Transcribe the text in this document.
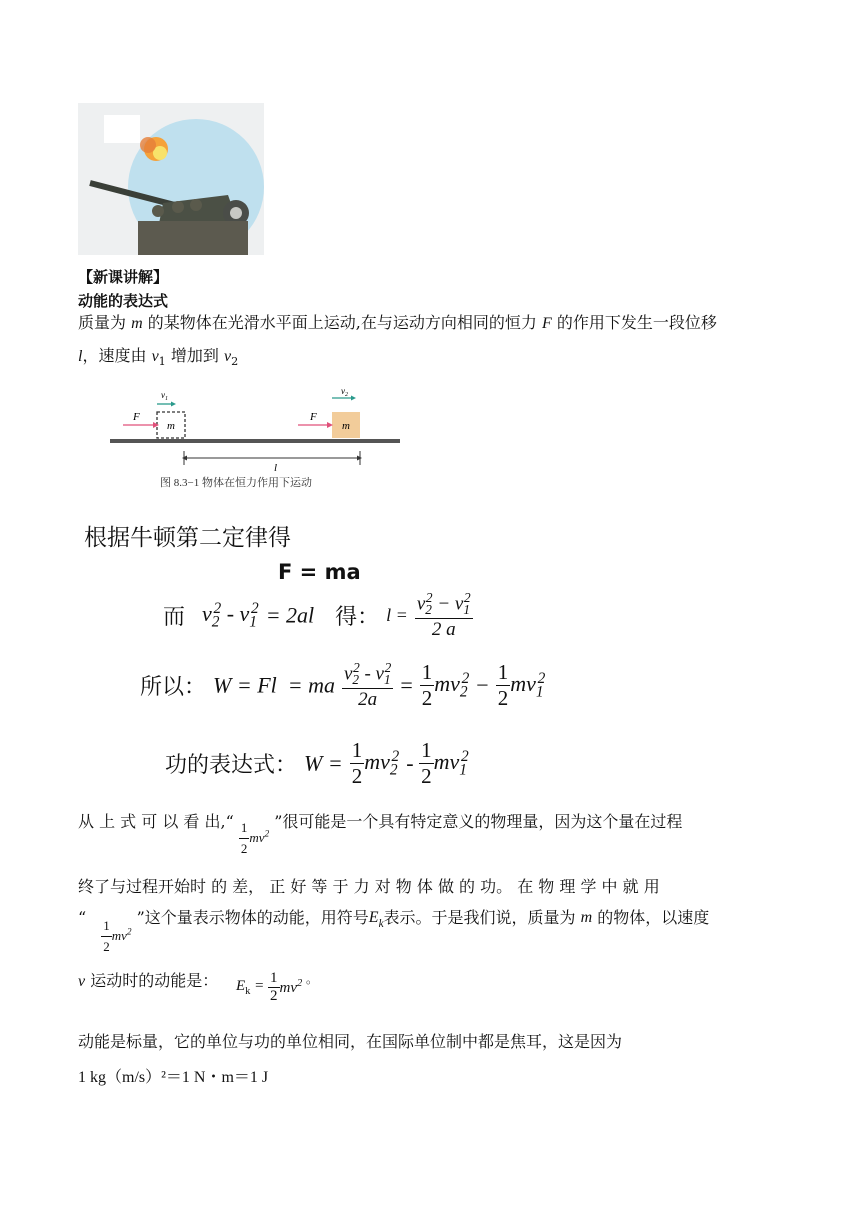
【新课讲解】
动能的表达式
质量为 m 的某物体在光滑水平面上运动,在与运动方向相同的恒力 F 的作用下发生一段位移
l，速度由 $v_1$ 增加到 $v_2$
m
F
$v_1$
m
F
$v_2$
l
图 8.3−1 物体在恒力作用下运动
根据牛顿第二定律得
F = ma
而 $v_2^2 - v_1^2 = 2al$ 得： $l = \frac{v_2^2 - v_1^2}{2 a}$
所以： W = Fl  = ma $\frac{v_2^2 - v_1^2}{2a} = \frac{1}{2} mv_2^2 - \frac{1}{2} mv_1^2$
功的表达式： $W = \frac{1}{2} mv_2^2 - \frac{1}{2} mv_1^2$
从 上 式 可 以 看 出,“ $\frac{1}{2} ^{mv^2}$ ”很可能是一个具有特定意义的物理量，因为这个量在过程
终了与过程开始时 的 差， 正 好 等 于 力 对 物 体 做 的 功。 在 物 理 学 中 就 用
“ $\frac{1}{2} mv^2$ ”这个量表示物体的动能，用符号$E_k$表示。于是我们说，质量为 m 的物体，以速度
v 运动时的动能是： $E_k = \frac{1}{2} mv^2$ 。
动能是标量，它的单位与功的单位相同，在国际单位制中都是焦耳，这是因为
1 kg（m/s）²＝1 N・m＝1 J
